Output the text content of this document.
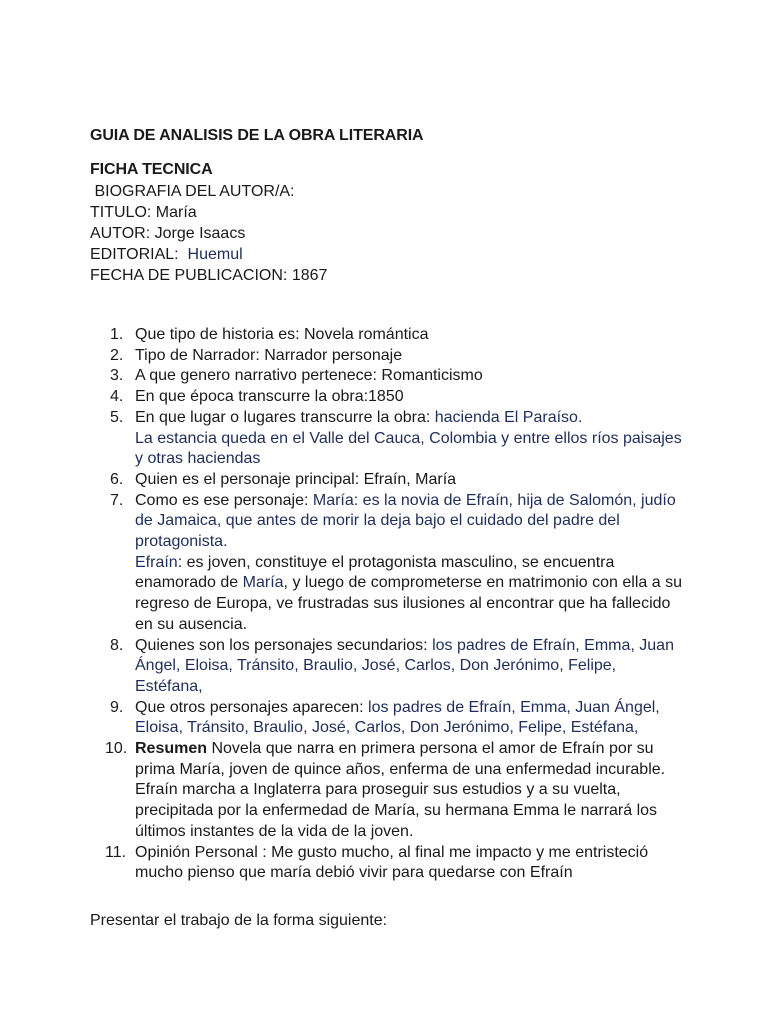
GUIA DE ANALISIS DE LA OBRA LITERARIA
FICHA TECNICA
BIOGRAFIA DEL AUTOR/A:
TITULO: María
AUTOR: Jorge Isaacs
EDITORIAL:  Huemul
FECHA DE PUBLICACION: 1867
1. Que tipo de historia es: Novela romántica
2. Tipo de Narrador: Narrador personaje
3. A que genero narrativo pertenece: Romanticismo
4. En que época transcurre la obra:1850
5. En que lugar o lugares transcurre la obra: hacienda El Paraíso.
La estancia queda en el Valle del Cauca, Colombia y entre ellos ríos paisajes y otras haciendas
6. Quien es el personaje principal: Efraín, María
7. Como es ese personaje: María: es la novia de Efraín, hija de Salomón, judío de Jamaica, que antes de morir la deja bajo el cuidado del padre del protagonista.
Efraín: es joven, constituye el protagonista masculino, se encuentra enamorado de María, y luego de comprometerse en matrimonio con ella a su regreso de Europa, ve frustradas sus ilusiones al encontrar que ha fallecido en su ausencia.
8. Quienes son los personajes secundarios: los padres de Efraín, Emma, Juan Ángel, Eloisa, Tránsito, Braulio, José, Carlos, Don Jerónimo, Felipe, Estéfana,
9. Que otros personajes aparecen: los padres de Efraín, Emma, Juan Ángel, Eloisa, Tránsito, Braulio, José, Carlos, Don Jerónimo, Felipe, Estéfana,
10. Resumen Novela que narra en primera persona el amor de Efraín por su prima María, joven de quince años, enferma de una enfermedad incurable. Efraín marcha a Inglaterra para proseguir sus estudios y a su vuelta, precipitada por la enfermedad de María, su hermana Emma le narrará los últimos instantes de la vida de la joven.
11. Opinión Personal : Me gusto mucho, al final me impacto y me entristeció mucho pienso que maría debió vivir para quedarse con Efraín
Presentar el trabajo de la forma siguiente:
